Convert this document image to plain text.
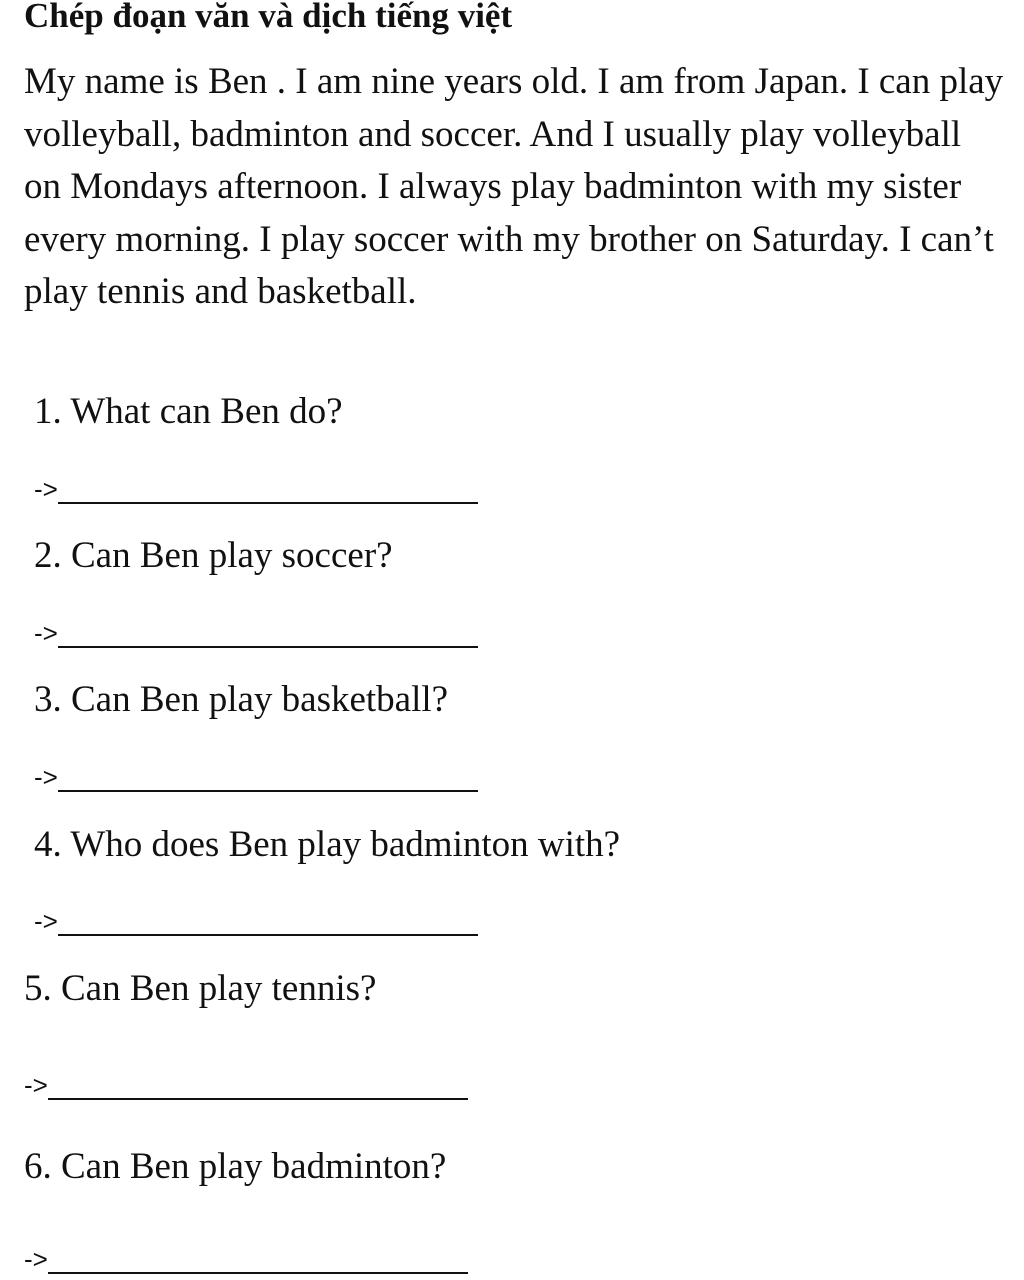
Chép đoạn văn và dịch tiếng việt

My name is Ben . I am nine years old. I am from Japan. I can play volleyball, badminton and soccer. And I usually play volleyball on Mondays afternoon. I always play badminton with my sister every morning. I play soccer with my brother on Saturday. I can’t play tennis and basketball.

1. What can Ben do?

->

2. Can Ben play soccer?

->

3. Can Ben play basketball?

->

4. Who does Ben play badminton with?

->

5. Can Ben play tennis?

->

6. Can Ben play badminton?

->
